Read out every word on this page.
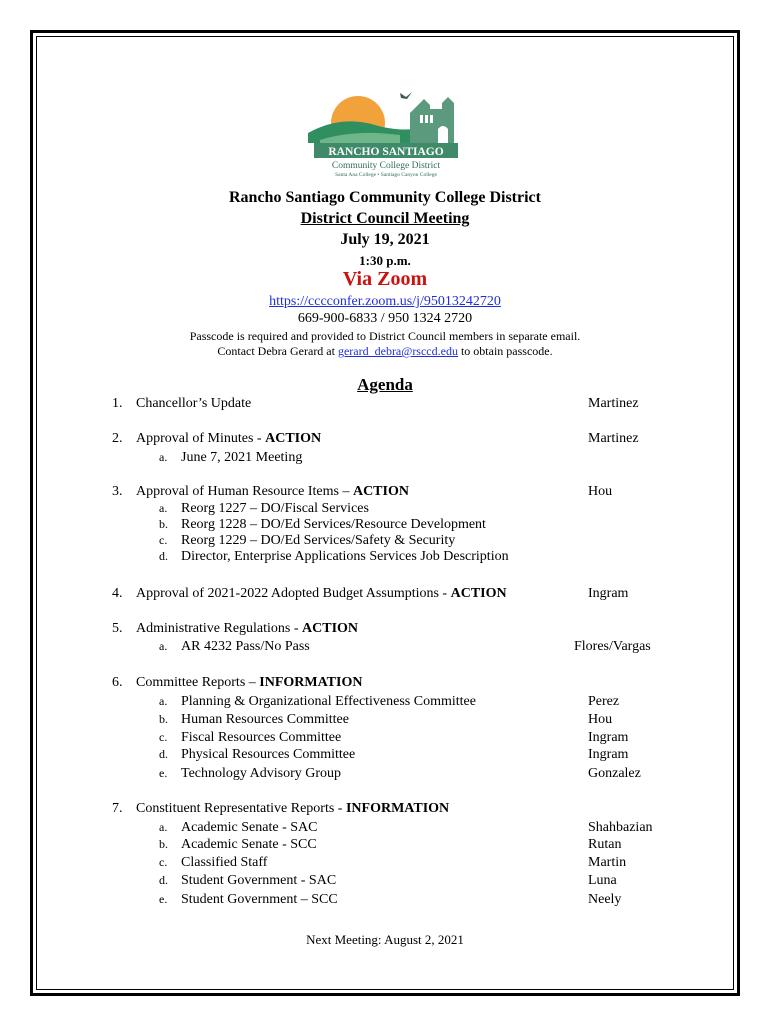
RANCHO SANTIAGO
Community College District
Santa Ana College • Santiago Canyon College
Rancho Santiago Community College District
District Council Meeting
July 19, 2021
1:30 p.m.
Via Zoom
https://cccconfer.zoom.us/j/95013242720
669-900-6833 / 950 1324 2720
Passcode is required and provided to District Council members in separate email.
Contact Debra Gerard at gerard_debra@rsccd.edu to obtain passcode.
Agenda
1. Chancellor’s Update	Martinez
2. Approval of Minutes - ACTION	Martinez
a. June 7, 2021 Meeting
3. Approval of Human Resource Items – ACTION	Hou
a. Reorg 1227 – DO/Fiscal Services
b. Reorg 1228 – DO/Ed Services/Resource Development
c. Reorg 1229 – DO/Ed Services/Safety & Security
d. Director, Enterprise Applications Services Job Description
4. Approval of 2021-2022 Adopted Budget Assumptions - ACTION	Ingram
5. Administrative Regulations - ACTION
a. AR 4232 Pass/No Pass	Flores/Vargas
6. Committee Reports – INFORMATION
a. Planning & Organizational Effectiveness Committee	Perez
b. Human Resources Committee	Hou
c. Fiscal Resources Committee	Ingram
d. Physical Resources Committee	Ingram
e. Technology Advisory Group	Gonzalez
7. Constituent Representative Reports - INFORMATION
a. Academic Senate - SAC	Shahbazian
b. Academic Senate - SCC	Rutan
c. Classified Staff	Martin
d. Student Government - SAC	Luna
e. Student Government – SCC	Neely
Next Meeting: August 2, 2021
